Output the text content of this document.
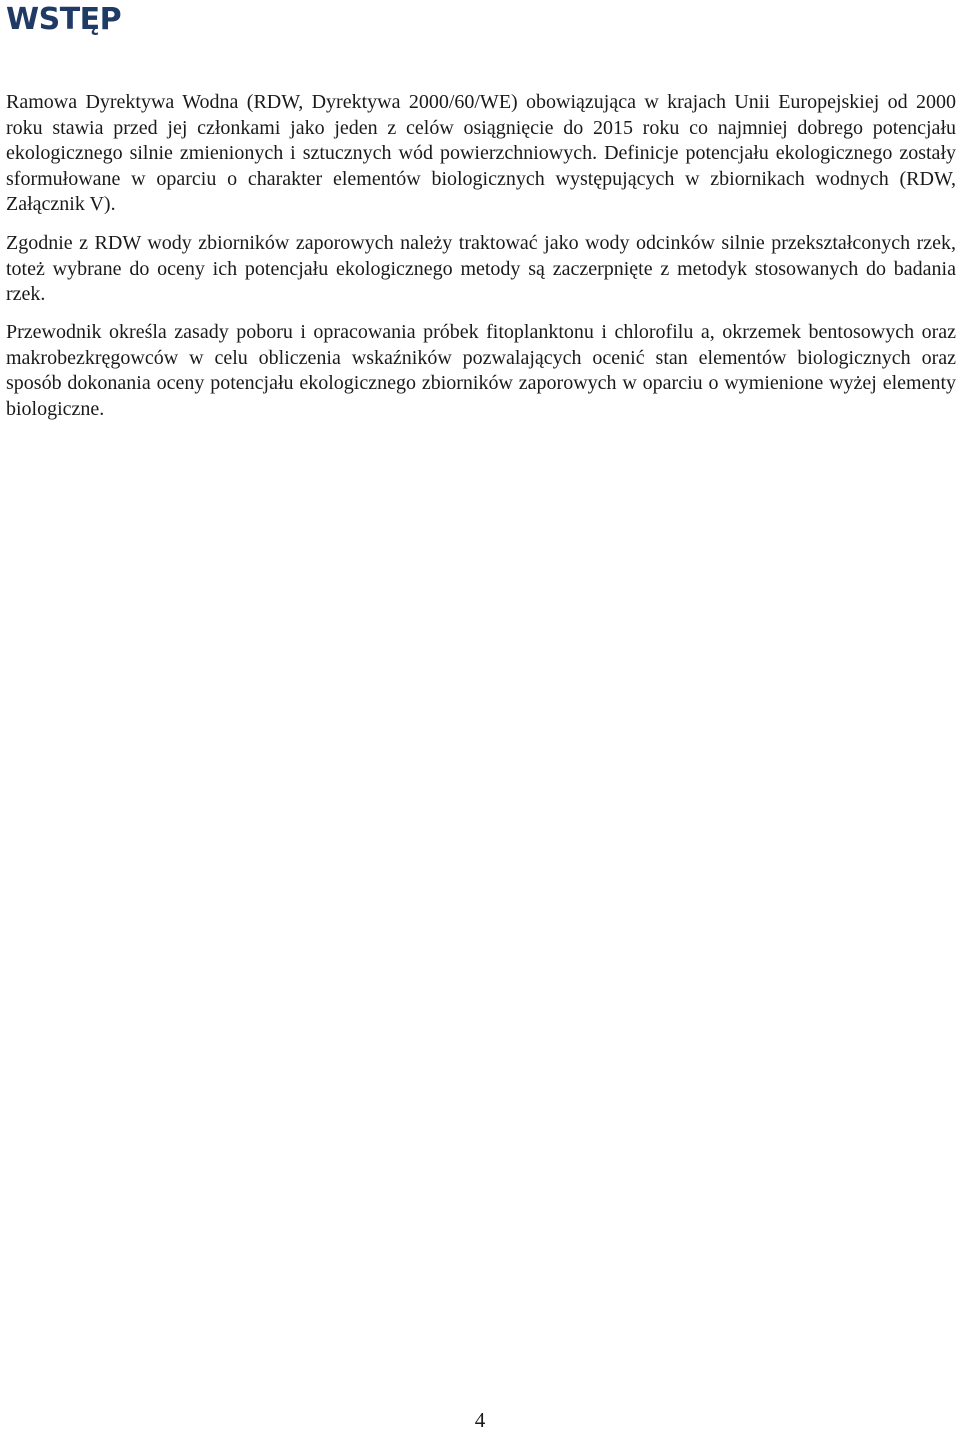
WSTĘP

Ramowa Dyrektywa Wodna (RDW, Dyrektywa 2000/60/WE) obowiązująca w krajach Unii Europejskiej od 2000 roku stawia przed jej członkami jako jeden z celów osiągnięcie do 2015 roku co najmniej dobrego potencjału ekologicznego silnie zmienionych i sztucznych wód powierzchniowych. Definicje potencjału ekologicznego zostały sformułowane w oparciu o charakter elementów biologicznych występujących w zbiornikach wodnych (RDW, Załącznik V).

Zgodnie z RDW wody zbiorników zaporowych należy traktować jako wody odcinków silnie przekształconych rzek, toteż wybrane do oceny ich potencjału ekologicznego metody są zaczerpnięte z metodyk stosowanych do badania rzek.

Przewodnik określa zasady poboru i opracowania próbek fitoplanktonu i chlorofilu a, okrzemek bentosowych oraz makrobezkręgowców w celu obliczenia wskaźników pozwalających ocenić stan elementów biologicznych oraz sposób dokonania oceny potencjału ekologicznego zbiorników zaporowych w oparciu o wymienione wyżej elementy biologiczne.

4
